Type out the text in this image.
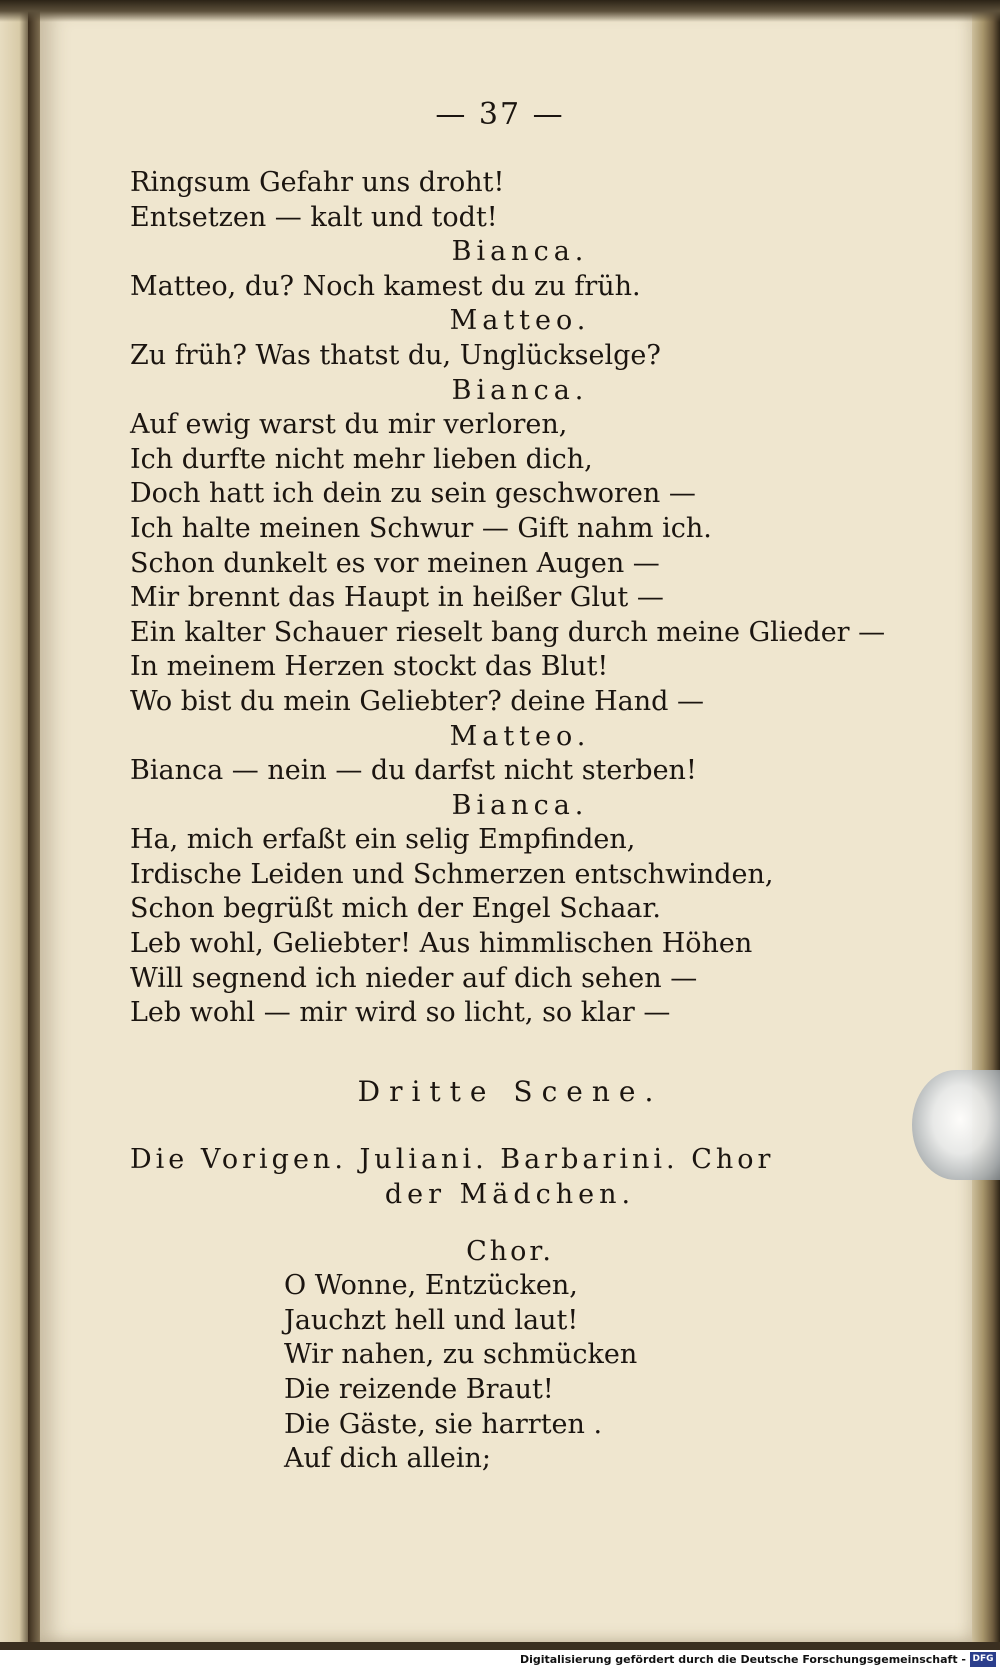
— 37 —
Ringsum Gefahr uns droht!
Entsetzen — kalt und todt!
Bianca.
Matteo, du? Noch kamest du zu früh.
Matteo.
Zu früh? Was thatst du, Unglückselge?
Bianca.
Auf ewig warst du mir verloren,
Ich durfte nicht mehr lieben dich,
Doch hatt ich dein zu sein geschworen —
Ich halte meinen Schwur — Gift nahm ich.
Schon dunkelt es vor meinen Augen —
Mir brennt das Haupt in heißer Glut —
Ein kalter Schauer rieselt bang durch meine Glieder —
In meinem Herzen stockt das Blut!
Wo bist du mein Geliebter? deine Hand —
Matteo.
Bianca — nein — du darfst nicht sterben!
Bianca.
Ha, mich erfaßt ein selig Empfinden,
Irdische Leiden und Schmerzen entschwinden,
Schon begrüßt mich der Engel Schaar.
Leb wohl, Geliebter! Aus himmlischen Höhen
Will segnend ich nieder auf dich sehen —
Leb wohl — mir wird so licht, so klar —
Dritte Scene.
Die Vorigen. Juliani. Barbarini. Chor
der Mädchen.
Chor.
O Wonne, Entzücken,
Jauchzt hell und laut!
Wir nahen, zu schmücken
Die reizende Braut!
Die Gäste, sie harrten .
Auf dich allein;
Digitalisierung gefördert durch die Deutsche Forschungsgemeinschaft - DFG
